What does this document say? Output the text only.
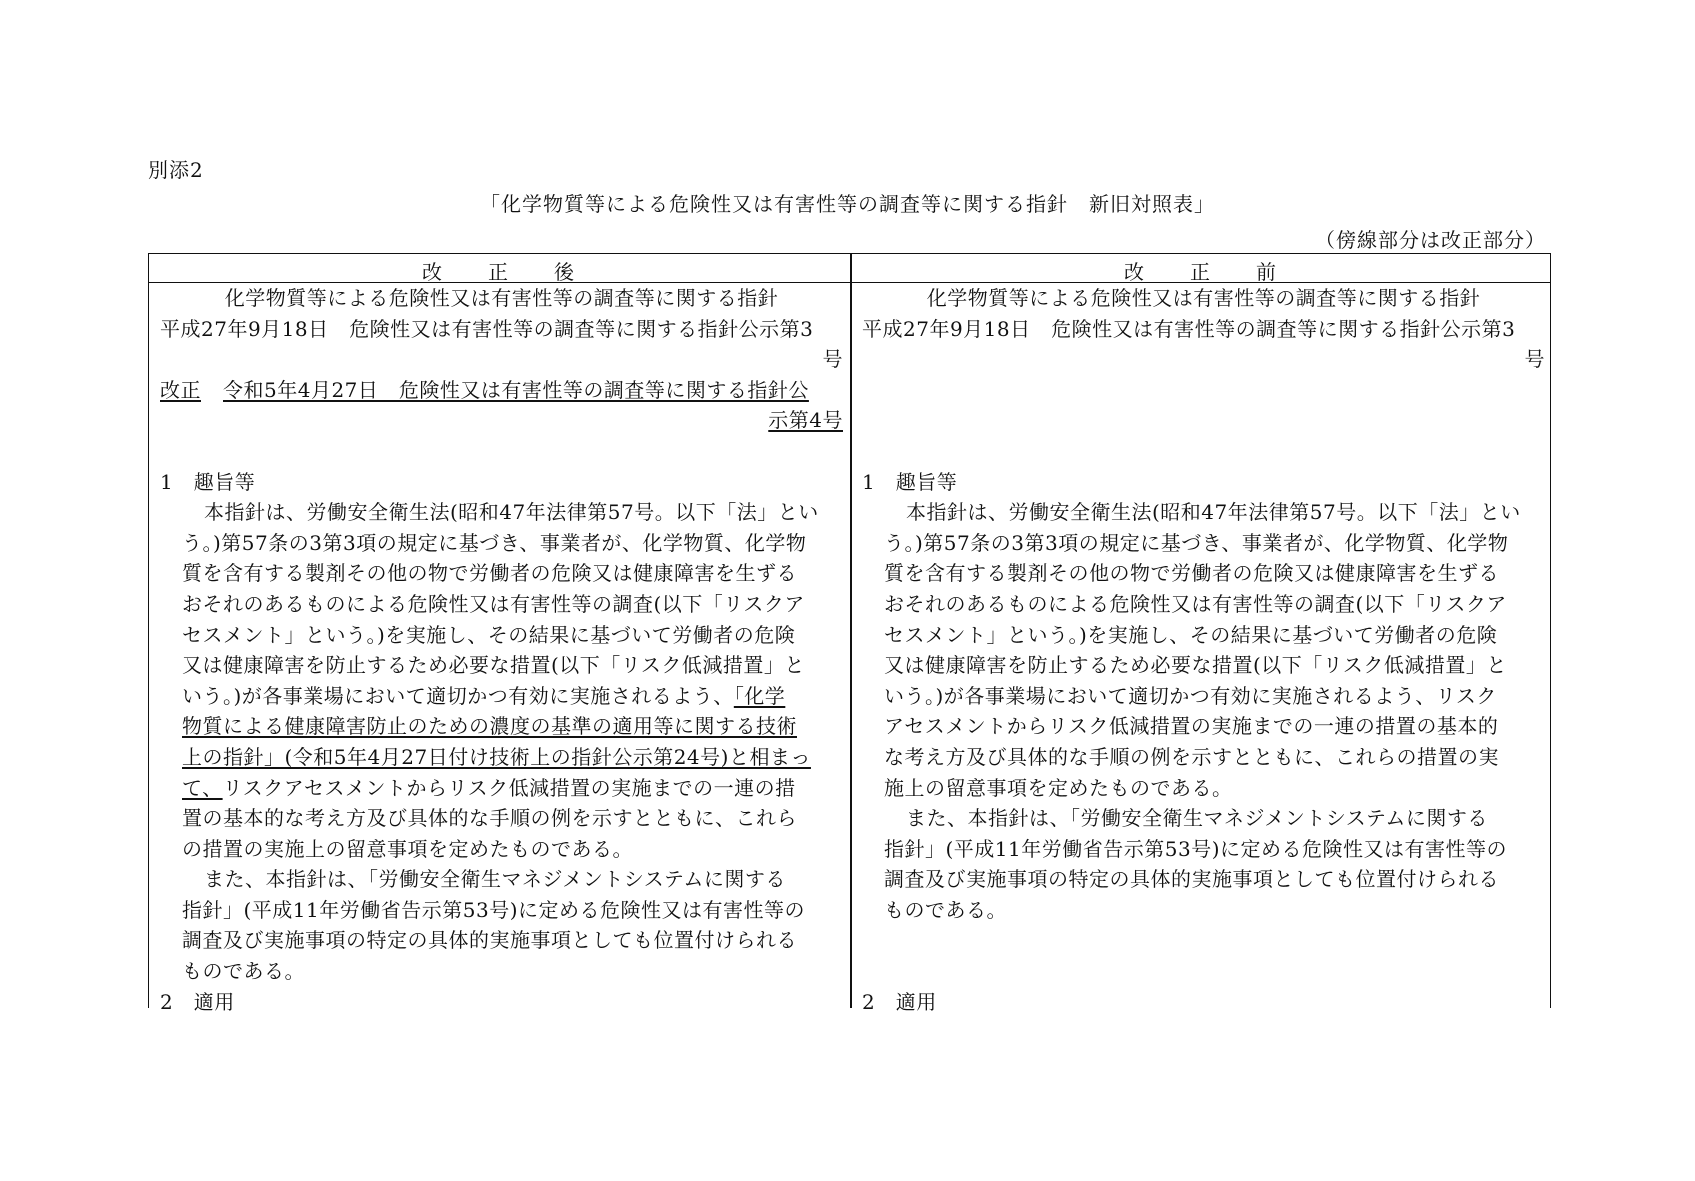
別添2
「化学物質等による危険性又は有害性等の調査等に関する指針　新旧対照表」
（傍線部分は改正部分）
改　　正　　後	改　　正　　前
化学物質等による危険性又は有害性等の調査等に関する指針
平成27年9月18日　危険性又は有害性等の調査等に関する指針公示第3
号
改正 令和5年4月27日　危険性又は有害性等の調査等に関する指針公
示第4号
1　趣旨等
本指針は、労働安全衛生法(昭和47年法律第57号。以下「法」とい
う。)第57条の3第3項の規定に基づき、事業者が、化学物質、化学物
質を含有する製剤その他の物で労働者の危険又は健康障害を生ずる
おそれのあるものによる危険性又は有害性等の調査(以下「リスクア
セスメント」という。)を実施し、その結果に基づいて労働者の危険
又は健康障害を防止するため必要な措置(以下「リスク低減措置」と
いう。)が各事業場において適切かつ有効に実施されるよう、「化学
物質による健康障害防止のための濃度の基準の適用等に関する技術
上の指針」(令和5年4月27日付け技術上の指針公示第24号)と相まっ
て、リスクアセスメントからリスク低減措置の実施までの一連の措
置の基本的な考え方及び具体的な手順の例を示すとともに、これら
の措置の実施上の留意事項を定めたものである。
また、本指針は、「労働安全衛生マネジメントシステムに関する
指針」(平成11年労働省告示第53号)に定める危険性又は有害性等の
調査及び実施事項の特定の具体的実施事項としても位置付けられる
ものである。
2　適用
化学物質等による危険性又は有害性等の調査等に関する指針
平成27年9月18日　危険性又は有害性等の調査等に関する指針公示第3
号
1　趣旨等
本指針は、労働安全衛生法(昭和47年法律第57号。以下「法」とい
う。)第57条の3第3項の規定に基づき、事業者が、化学物質、化学物
質を含有する製剤その他の物で労働者の危険又は健康障害を生ずる
おそれのあるものによる危険性又は有害性等の調査(以下「リスクア
セスメント」という。)を実施し、その結果に基づいて労働者の危険
又は健康障害を防止するため必要な措置(以下「リスク低減措置」と
いう。)が各事業場において適切かつ有効に実施されるよう、リスク
アセスメントからリスク低減措置の実施までの一連の措置の基本的
な考え方及び具体的な手順の例を示すとともに、これらの措置の実
施上の留意事項を定めたものである。
また、本指針は、「労働安全衛生マネジメントシステムに関する
指針」(平成11年労働省告示第53号)に定める危険性又は有害性等の
調査及び実施事項の特定の具体的実施事項としても位置付けられる
ものである。
2　適用
